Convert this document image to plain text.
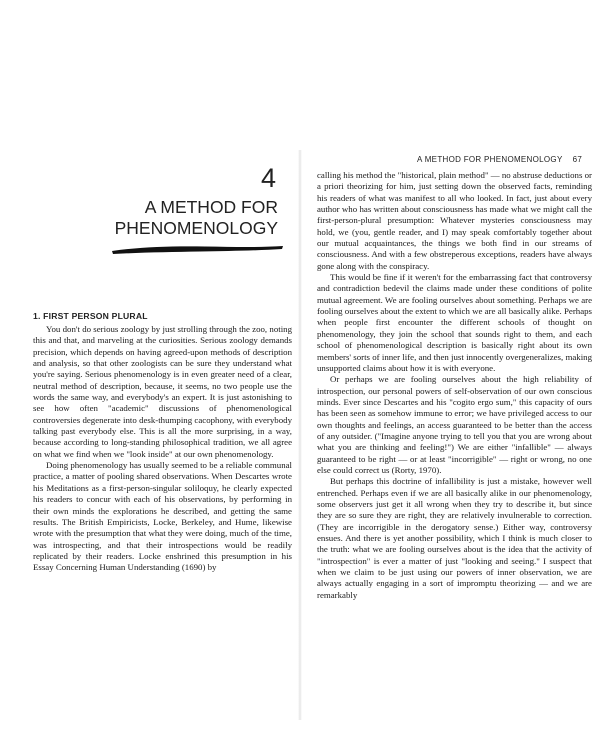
4
A METHOD FOR PHENOMENOLOGY
1. FIRST PERSON PLURAL

You don't do serious zoology by just strolling through the zoo, noting this and that, and marveling at the curiosities. Serious zoology demands precision, which depends on having agreed-upon methods of description and analysis, so that other zoologists can be sure they understand what you're saying. Serious phenomenology is in even greater need of a clear, neutral method of description, because, it seems, no two people use the words the same way, and everybody's an expert. It is just astonishing to see how often "academic" discussions of phenomenological controversies degenerate into desk-thumping cacophony, with everybody talking past everybody else. This is all the more surprising, in a way, because according to long-standing philosophical tradition, we all agree on what we find when we "look inside" at our own phenomenology.

Doing phenomenology has usually seemed to be a reliable communal practice, a matter of pooling shared observations. When Descartes wrote his Meditations as a first-person-singular soliloquy, he clearly expected his readers to concur with each of his observations, by performing in their own minds the explorations he described, and getting the same results. The British Empiricists, Locke, Berkeley, and Hume, likewise wrote with the presumption that what they were doing, much of the time, was introspecting, and that their introspections would be readily replicated by their readers. Locke enshrined this presumption in his Essay Concerning Human Understanding (1690) by

A METHOD FOR PHENOMENOLOGY 67

calling his method the "historical, plain method" — no abstruse deductions or a priori theorizing for him, just setting down the observed facts, reminding his readers of what was manifest to all who looked. In fact, just about every author who has written about consciousness has made what we might call the first-person-plural presumption: Whatever mysteries consciousness may hold, we (you, gentle reader, and I) may speak comfortably together about our mutual acquaintances, the things we both find in our streams of consciousness. And with a few obstreperous exceptions, readers have always gone along with the conspiracy.

This would be fine if it weren't for the embarrassing fact that controversy and contradiction bedevil the claims made under these conditions of polite mutual agreement. We are fooling ourselves about something. Perhaps we are fooling ourselves about the extent to which we are all basically alike. Perhaps when people first encounter the different schools of thought on phenomenology, they join the school that sounds right to them, and each school of phenomenological description is basically right about its own members' sorts of inner life, and then just innocently overgeneralizes, making unsupported claims about how it is with everyone.

Or perhaps we are fooling ourselves about the high reliability of introspection, our personal powers of self-observation of our own conscious minds. Ever since Descartes and his "cogito ergo sum," this capacity of ours has been seen as somehow immune to error; we have privileged access to our own thoughts and feelings, an access guaranteed to be better than the access of any outsider. ("Imagine anyone trying to tell you that you are wrong about what you are thinking and feeling!") We are either "infallible" — always guaranteed to be right — or at least "incorrigible" — right or wrong, no one else could correct us (Rorty, 1970).

But perhaps this doctrine of infallibility is just a mistake, however well entrenched. Perhaps even if we are all basically alike in our phenomenology, some observers just get it all wrong when they try to describe it, but since they are so sure they are right, they are relatively invulnerable to correction. (They are incorrigible in the derogatory sense.) Either way, controversy ensues. And there is yet another possibility, which I think is much closer to the truth: what we are fooling ourselves about is the idea that the activity of "introspection" is ever a matter of just "looking and seeing." I suspect that when we claim to be just using our powers of inner observation, we are always actually engaging in a sort of impromptu theorizing — and we are remarkably
